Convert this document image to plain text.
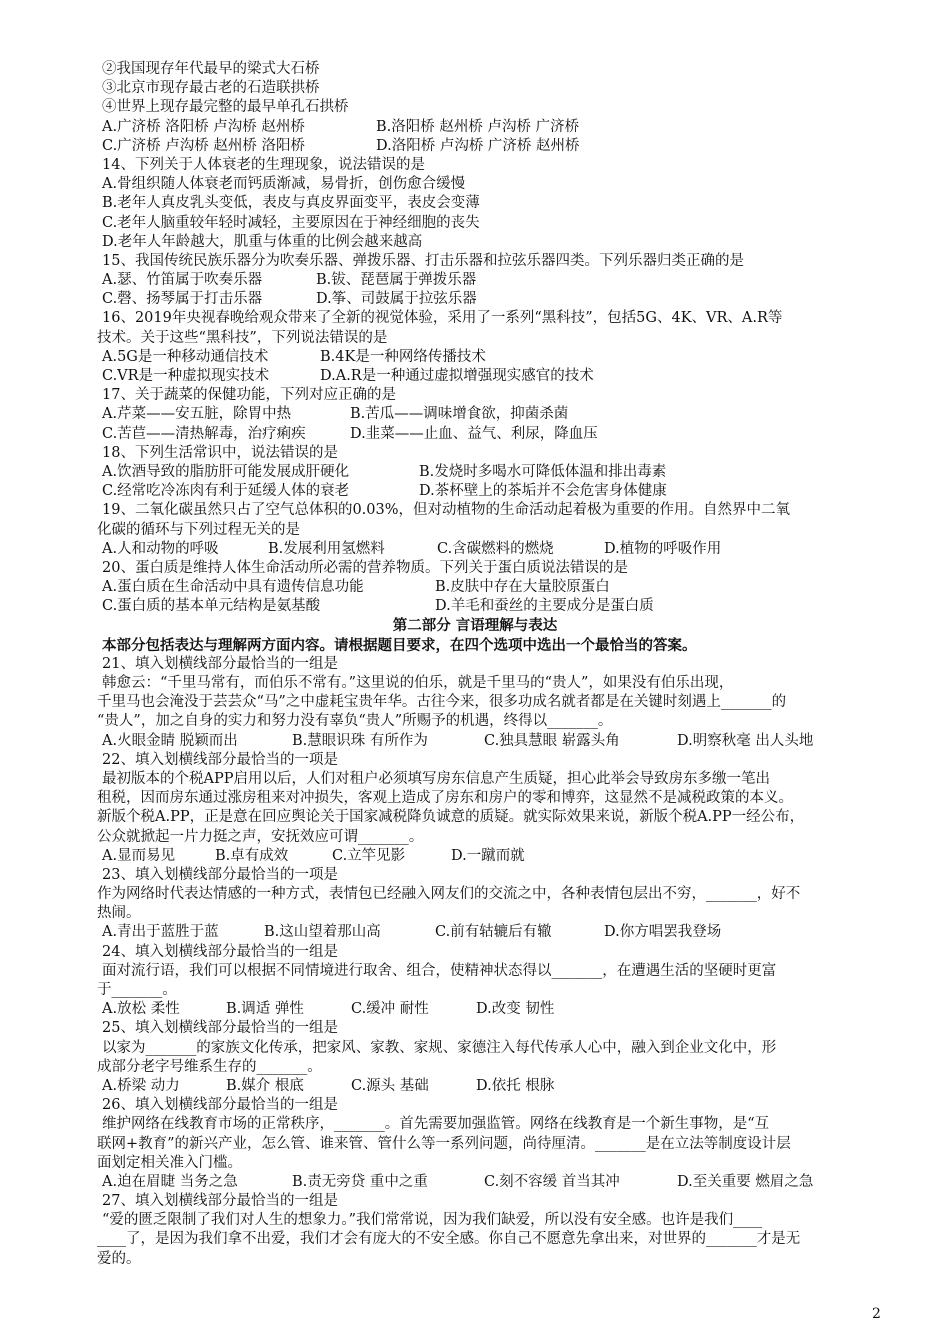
②我国现存年代最早的梁式大石桥
③北京市现存最古老的石造联拱桥
④世界上现存最完整的最早单孔石拱桥
A.广济桥 洛阳桥 卢沟桥 赵州桥	B.洛阳桥 赵州桥 卢沟桥 广济桥
C.广济桥 卢沟桥 赵州桥 洛阳桥	D.洛阳桥 卢沟桥 广济桥 赵州桥
14、下列关于人体衰老的生理现象，说法错误的是
A.骨组织随人体衰老而钙质渐减，易骨折，创伤愈合缓慢
B.老年人真皮乳头变低，表皮与真皮界面变平，表皮会变薄
C.老年人脑重较年轻时减轻，主要原因在于神经细胞的丧失
D.老年人年龄越大，肌重与体重的比例会越来越高
15、我国传统民族乐器分为吹奏乐器、弹拨乐器、打击乐器和拉弦乐器四类。下列乐器归类正确的是
A.瑟、竹笛属于吹奏乐器	B.钹、琵琶属于弹拨乐器
C.磬、扬琴属于打击乐器	D.筝、司鼓属于拉弦乐器
16、2019年央视春晚给观众带来了全新的视觉体验，采用了一系列“黑科技”，包括5G、4K、VR、A.R等
技术。关于这些“黑科技”，下列说法错误的是
A.5G是一种移动通信技术	B.4K是一种网络传播技术
C.VR是一种虚拟现实技术	D.A.R是一种通过虚拟增强现实感官的技术
17、关于蔬菜的保健功能，下列对应正确的是
A.芹菜——安五脏，除胃中热	B.苦瓜——调味增食欲，抑菌杀菌
C.苦苣——清热解毒，治疗痢疾	D.韭菜——止血、益气、利尿，降血压
18、下列生活常识中，说法错误的是
A.饮酒导致的脂肪肝可能发展成肝硬化	B.发烧时多喝水可降低体温和排出毒素
C.经常吃冷冻肉有利于延缓人体的衰老	D.茶杯壁上的茶垢并不会危害身体健康
19、二氧化碳虽然只占了空气总体积的0.03%，但对动植物的生命活动起着极为重要的作用。自然界中二氧
化碳的循环与下列过程无关的是
A.人和动物的呼吸	B.发展利用氢燃料	C.含碳燃料的燃烧	D.植物的呼吸作用
20、蛋白质是维持人体生命活动所必需的营养物质。下列关于蛋白质说法错误的是
A.蛋白质在生命活动中具有遗传信息功能	B.皮肤中存在大量胶原蛋白
C.蛋白质的基本单元结构是氨基酸	D.羊毛和蚕丝的主要成分是蛋白质
第二部分 言语理解与表达
本部分包括表达与理解两方面内容。请根据题目要求，在四个选项中选出一个最恰当的答案。
21、填入划横线部分最恰当的一组是
韩愈云：“千里马常有，而伯乐不常有。”这里说的伯乐，就是千里马的“贵人”，如果没有伯乐出现，
千里马也会淹没于芸芸众“马”之中虚耗宝贵年华。古往今来，很多功成名就者都是在关键时刻遇上_______的
“贵人”，加之自身的实力和努力没有辜负“贵人”所赐予的机遇，终得以_______。
A.火眼金睛 脱颖而出	B.慧眼识珠 有所作为	C.独具慧眼 崭露头角	D.明察秋毫 出人头地
22、填入划横线部分最恰当的一项是
最初版本的个税APP启用以后，人们对租户必须填写房东信息产生质疑，担心此举会导致房东多缴一笔出
租税，因而房东通过涨房租来对冲损失，客观上造成了房东和房户的零和博弈，这显然不是减税政策的本义。
新版个税A.PP，正是意在回应舆论关于国家减税降负诚意的质疑。就实际效果来说，新版个税A.PP一经公布，
公众就掀起一片力挺之声，安抚效应可谓_______。
A.显而易见	B.卓有成效	C.立竿见影	D.一蹴而就
23、填入划横线部分最恰当的一项是
作为网络时代表达情感的一种方式，表情包已经融入网友们的交流之中，各种表情包层出不穷，_______，好不
热闹。
A.青出于蓝胜于蓝	B.这山望着那山高	C.前有轱辘后有辙	D.你方唱罢我登场
24、填入划横线部分最恰当的一组是
面对流行语，我们可以根据不同情境进行取舍、组合，使精神状态得以_______，在遭遇生活的坚硬时更富
于_______。
A.放松 柔性	B.调适 弹性	C.缓冲 耐性	D.改变 韧性
25、填入划横线部分最恰当的一组是
以家为_______的家族文化传承，把家风、家教、家规、家德注入每代传承人心中，融入到企业文化中，形
成部分老字号维系生存的_______。
A.桥梁 动力	B.媒介 根底	C.源头 基础	D.依托 根脉
26、填入划横线部分最恰当的一组是
维护网络在线教育市场的正常秩序，_______。首先需要加强监管。网络在线教育是一个新生事物，是“互
联网+教育”的新兴产业，怎么管、谁来管、管什么等一系列问题，尚待厘清。_______是在立法等制度设计层
面划定相关准入门槛。
A.迫在眉睫 当务之急	B.责无旁贷 重中之重	C.刻不容缓 首当其冲	D.至关重要 燃眉之急
27、填入划横线部分最恰当的一组是
“爱的匮乏限制了我们对人生的想象力。”我们常常说，因为我们缺爱，所以没有安全感。也许是我们____
____了，是因为我们拿不出爱，我们才会有庞大的不安全感。你自己不愿意先拿出来，对世界的_______才是无
爱的。
2
